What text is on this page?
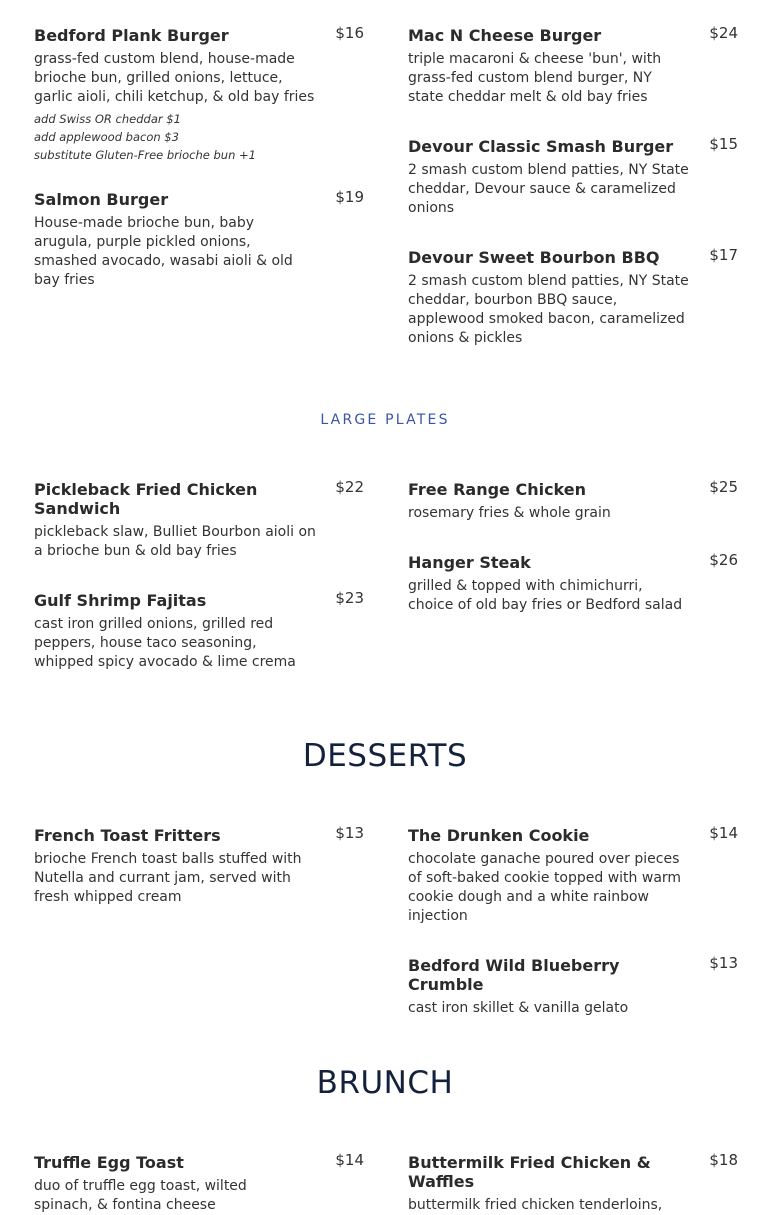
Bedford Plank Burger	$16
grass-fed custom blend, house-made brioche bun, grilled onions, lettuce, garlic aioli, chili ketchup, & old bay fries
add Swiss OR cheddar $1
add applewood bacon $3
substitute Gluten-Free brioche bun +1
Salmon Burger	$19
House-made brioche bun, baby arugula, purple pickled onions, smashed avocado, wasabi aioli & old bay fries
Mac N Cheese Burger	$24
triple macaroni & cheese 'bun', with grass-fed custom blend burger, NY state cheddar melt & old bay fries
Devour Classic Smash Burger $15
2 smash custom blend patties, NY State cheddar, Devour sauce & caramelized onions
Devour Sweet Bourbon BBQ	$17
2 smash custom blend patties, NY State cheddar, bourbon BBQ sauce, applewood smoked bacon, caramelized onions & pickles
LARGE PLATES
Pickleback Fried Chicken Sandwich
$22
pickleback slaw, Bulliet Bourbon aioli on a brioche bun & old bay fries
Gulf Shrimp Fajitas	$23
cast iron grilled onions, grilled red peppers, house taco seasoning, whipped spicy avocado & lime crema
Free Range Chicken	$25
rosemary fries & whole grain
Hanger Steak	$26
grilled & topped with chimichurri, choice of old bay fries or Bedford salad
DESSERTS
French Toast Fritters	$13
brioche French toast balls stuffed with Nutella and currant jam, served with fresh whipped cream
The Drunken Cookie	$14
chocolate ganache poured over pieces of soft-baked cookie topped with warm cookie dough and a white rainbow injection
Bedford Wild Blueberry Crumble
$13
cast iron skillet & vanilla gelato
BRUNCH
Truffle Egg Toast	$14
duo of truffle egg toast, wilted spinach, & fontina cheese
Buttermilk Fried Chicken & Waffles
$18
buttermilk fried chicken tenderloins,
